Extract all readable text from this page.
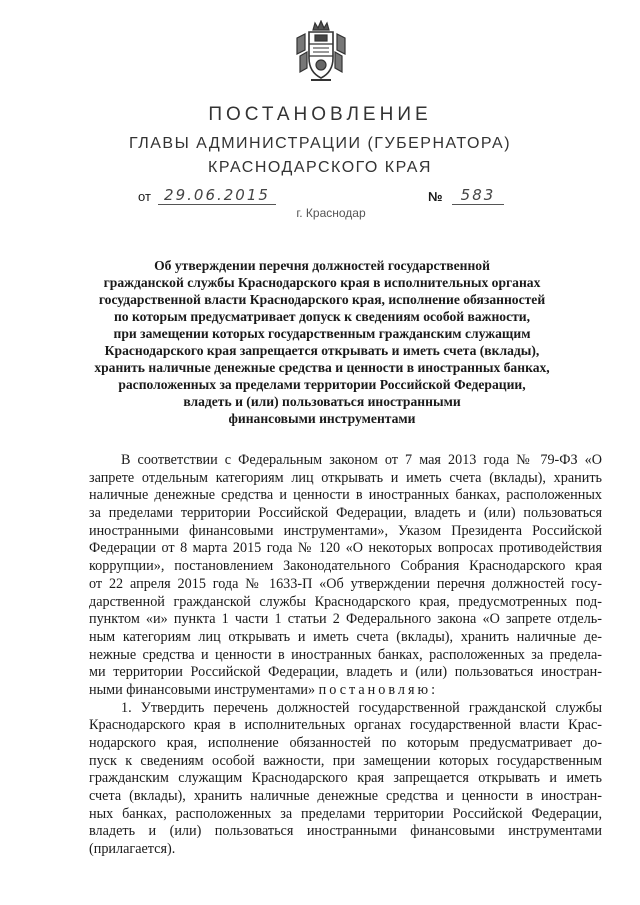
ПОСТАНОВЛЕНИЕ
ГЛАВЫ АДМИНИСТРАЦИИ (ГУБЕРНАТОРА)
КРАСНОДАРСКОГО КРАЯ
от 29.06.2015	№	583
г. Краснодар
Об утверждении перечня должностей государственной
гражданской службы Краснодарского края в исполнительных органах
государственной власти Краснодарского края, исполнение обязанностей
по которым предусматривает допуск к сведениям особой важности,
при замещении которых государственным гражданским служащим
Краснодарского края запрещается открывать и иметь счета (вклады),
хранить наличные денежные средства и ценности в иностранных банках,
расположенных за пределами территории Российской Федерации,
владеть и (или) пользоваться иностранными
финансовыми инструментами
В соответствии с Федеральным законом от 7 мая 2013 года № 79-ФЗ «О
запрете отдельным категориям лиц открывать и иметь счета (вклады), хранить
наличные денежные средства и ценности в иностранных банках, расположенных
за пределами территории Российской Федерации, владеть и (или) пользоваться
иностранными финансовыми инструментами», Указом Президента Российской
Федерации от 8 марта 2015 года № 120 «О некоторых вопросах противодействия
коррупции», постановлением Законодательного Собрания Краснодарского края
от 22 апреля 2015 года № 1633-П «Об утверждении перечня должностей госу-
дарственной гражданской службы Краснодарского края, предусмотренных под-
пунктом «и» пункта 1 части 1 статьи 2 Федерального закона «О запрете отдель-
ным категориям лиц открывать и иметь счета (вклады), хранить наличные де-
нежные средства и ценности в иностранных банках, расположенных за предела-
ми территории Российской Федерации, владеть и (или) пользоваться иностран-
ными финансовыми инструментами» постановляю:
1. Утвердить перечень должностей государственной гражданской службы
Краснодарского края в исполнительных органах государственной власти Крас-
нодарского края, исполнение обязанностей по которым предусматривает до-
пуск к сведениям особой важности, при замещении которых государственным
гражданским служащим Краснодарского края запрещается открывать и иметь
счета (вклады), хранить наличные денежные средства и ценности в иностран-
ных банках, расположенных за пределами территории Российской Федерации,
владеть и (или) пользоваться иностранными финансовыми инструментами
(прилагается).
